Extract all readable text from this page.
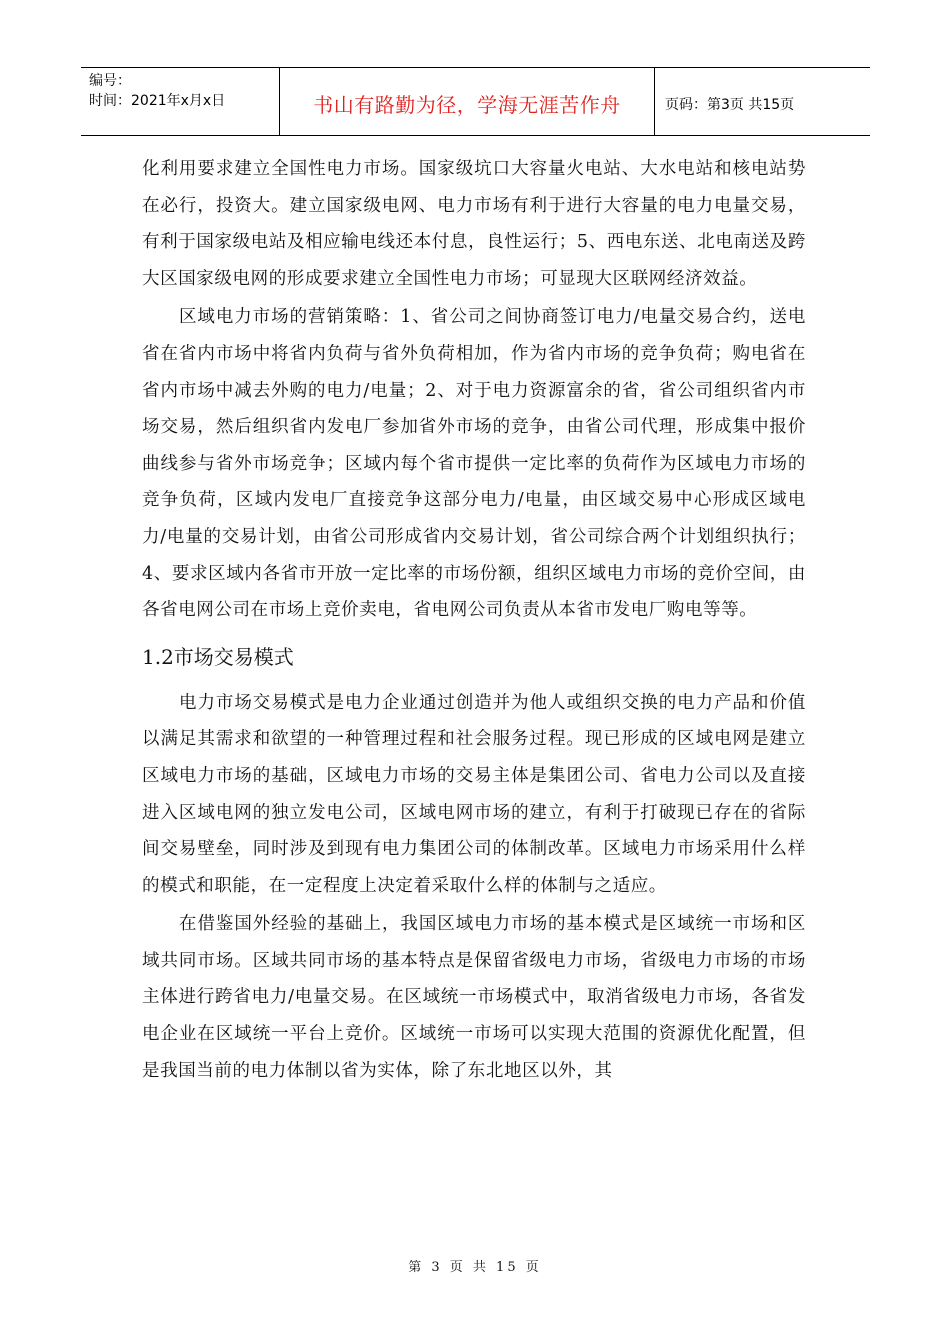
编号：
时间：2021年x月x日	书山有路勤为径，学海无涯苦作舟	页码：第3页 共15页

化利用要求建立全国性电力市场。国家级坑口大容量火电站、大水电站和核电站势在必行，投资大。建立国家级电网、电力市场有利于进行大容量的电力电量交易，有利于国家级电站及相应输电线还本付息，良性运行；5、西电东送、北电南送及跨大区国家级电网的形成要求建立全国性电力市场；可显现大区联网经济效益。

区域电力市场的营销策略：1、省公司之间协商签订电力/电量交易合约，送电省在省内市场中将省内负荷与省外负荷相加，作为省内市场的竞争负荷；购电省在省内市场中减去外购的电力/电量；2、对于电力资源富余的省，省公司组织省内市场交易，然后组织省内发电厂参加省外市场的竞争，由省公司代理，形成集中报价曲线参与省外市场竞争；区域内每个省市提供一定比率的负荷作为区域电力市场的竞争负荷，区域内发电厂直接竞争这部分电力/电量，由区域交易中心形成区域电力/电量的交易计划，由省公司形成省内交易计划，省公司综合两个计划组织执行；4、要求区域内各省市开放一定比率的市场份额，组织区域电力市场的竞价空间，由各省电网公司在市场上竞价卖电，省电网公司负责从本省市发电厂购电等等。

1.2市场交易模式

电力市场交易模式是电力企业通过创造并为他人或组织交换的电力产品和价值以满足其需求和欲望的一种管理过程和社会服务过程。现已形成的区域电网是建立区域电力市场的基础，区域电力市场的交易主体是集团公司、省电力公司以及直接进入区域电网的独立发电公司，区域电网市场的建立，有利于打破现已存在的省际间交易壁垒，同时涉及到现有电力集团公司的体制改革。区域电力市场采用什么样的模式和职能，在一定程度上决定着采取什么样的体制与之适应。

在借鉴国外经验的基础上，我国区域电力市场的基本模式是区域统一市场和区域共同市场。区域共同市场的基本特点是保留省级电力市场，省级电力市场的市场主体进行跨省电力/电量交易。在区域统一市场模式中，取消省级电力市场，各省发电企业在区域统一平台上竞价。区域统一市场可以实现大范围的资源优化配置，但是我国当前的电力体制以省为实体，除了东北地区以外，其

第 3 页 共 15 页
